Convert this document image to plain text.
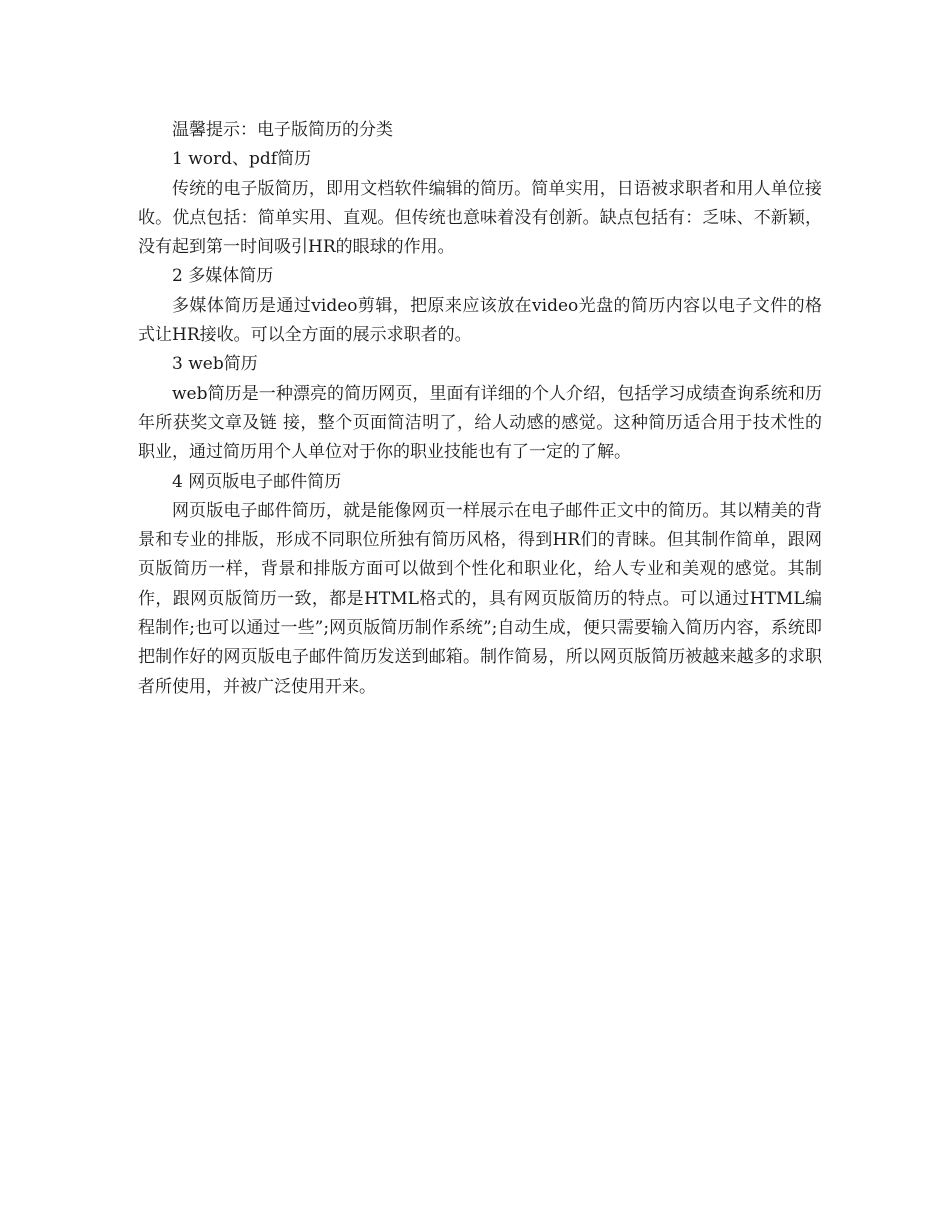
温馨提示：电子版简历的分类

1 word、pdf简历

传统的电子版简历，即用文档软件编辑的简历。简单实用，日语被求职者和用人单位接收。优点包括：简单实用、直观。但传统也意味着没有创新。缺点包括有：乏味、不新颖，没有起到第一时间吸引HR的眼球的作用。

2 多媒体简历

多媒体简历是通过video剪辑，把原来应该放在video光盘的简历内容以电子文件的格式让HR接收。可以全方面的展示求职者的。

3 web简历

web简历是一种漂亮的简历网页，里面有详细的个人介绍，包括学习成绩查询系统和历年所获奖文章及链 接，整个页面简洁明了，给人动感的感觉。这种简历适合用于技术性的职业，通过简历用个人单位对于你的职业技能也有了一定的了解。

4 网页版电子邮件简历

网页版电子邮件简历，就是能像网页一样展示在电子邮件正文中的简历。其以精美的背景和专业的排版，形成不同职位所独有简历风格，得到HR们的青睐。但其制作简单，跟网页版简历一样，背景和排版方面可以做到个性化和职业化，给人专业和美观的感觉。其制作，跟网页版简历一致，都是HTML格式的，具有网页版简历的特点。可以通过HTML编程制作;也可以通过一些”;网页版简历制作系统”;自动生成，便只需要输入简历内容，系统即把制作好的网页版电子邮件简历发送到邮箱。制作简易，所以网页版简历被越来越多的求职者所使用，并被广泛使用开来。
